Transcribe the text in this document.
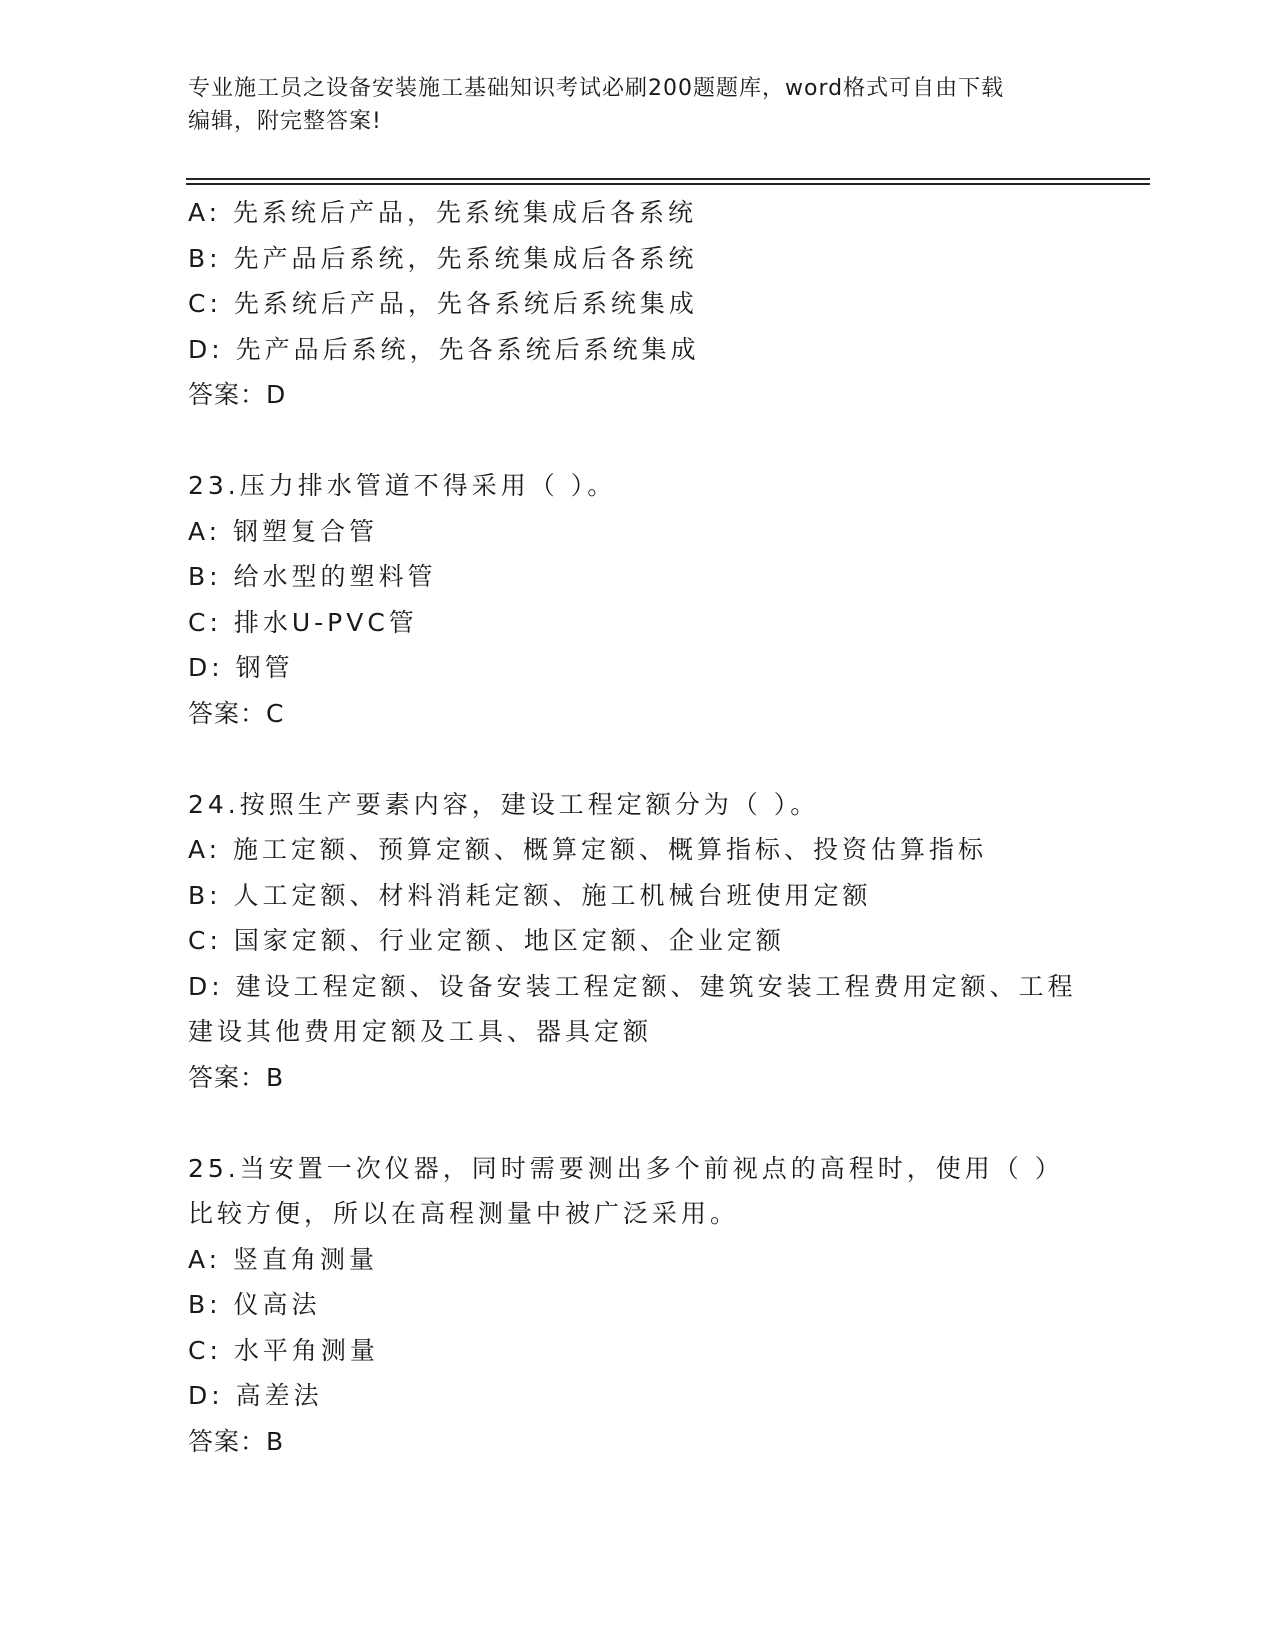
专业施工员之设备安装施工基础知识考试必刷200题题库，word格式可自由下载
编辑，附完整答案!
A: 先系统后产品，先系统集成后各系统
B: 先产品后系统，先系统集成后各系统
C: 先系统后产品，先各系统后系统集成
D: 先产品后系统，先各系统后系统集成
答案：D
23.压力排水管道不得采用（ ）。
A: 钢塑复合管
B: 给水型的塑料管
C: 排水U-PVC管
D: 钢管
答案：C
24.按照生产要素内容，建设工程定额分为（ ）。
A: 施工定额、预算定额、概算定额、概算指标、投资估算指标
B: 人工定额、材料消耗定额、施工机械台班使用定额
C: 国家定额、行业定额、地区定额、企业定额
D: 建设工程定额、设备安装工程定额、建筑安装工程费用定额、工程
建设其他费用定额及工具、器具定额
答案：B
25.当安置一次仪器，同时需要测出多个前视点的高程时，使用（ ）
比较方便，所以在高程测量中被广泛采用。
A: 竖直角测量
B: 仪高法
C: 水平角测量
D: 高差法
答案：B
